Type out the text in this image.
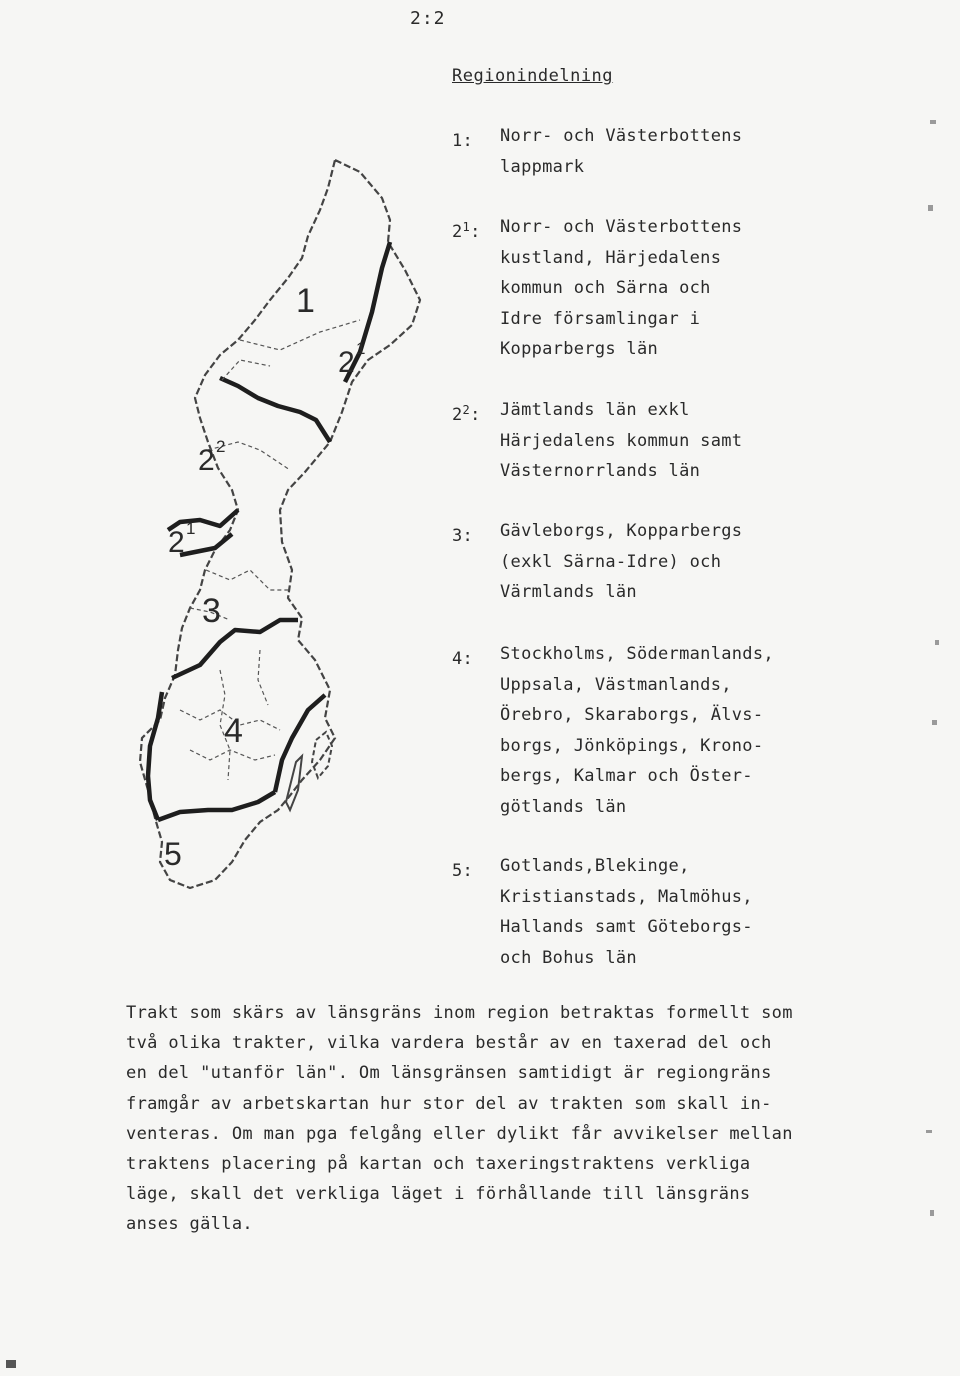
2:2
Regionindelning
1:	Norr- och Västerbottens
lappmark
$2^1$:	Norr- och Västerbottens
kustland, Härjedalens
kommun och Särna och
Idre församlingar i
Kopparbergs län
$2^2$:	Jämtlands län exkl
Härjedalens kommun samt
Västernorrlands län
3:	Gävleborgs, Kopparbergs
(exkl Särna-Idre) och
Värmlands län
4:	Stockholms, Södermanlands,
Uppsala, Västmanlands,
Örebro, Skaraborgs, Älvs-
borgs, Jönköpings, Krono-
bergs, Kalmar och Öster-
götlands län
5:	Gotlands,Blekinge,
Kristianstads, Malmöhus,
Hallands samt Göteborgs-
och Bohus län
1
2 1
2 2
2 1
3
4
5
Trakt som skärs av länsgräns inom region betraktas formellt som
två olika trakter, vilka vardera består av en taxerad del och
en del "utanför län". Om länsgränsen samtidigt är regiongräns
framgår av arbetskartan hur stor del av trakten som skall in-
venteras. Om man pga felgång eller dylikt får avvikelser mellan
traktens placering på kartan och taxeringstraktens verkliga
läge, skall det verkliga läget i förhållande till länsgräns
anses gälla.
